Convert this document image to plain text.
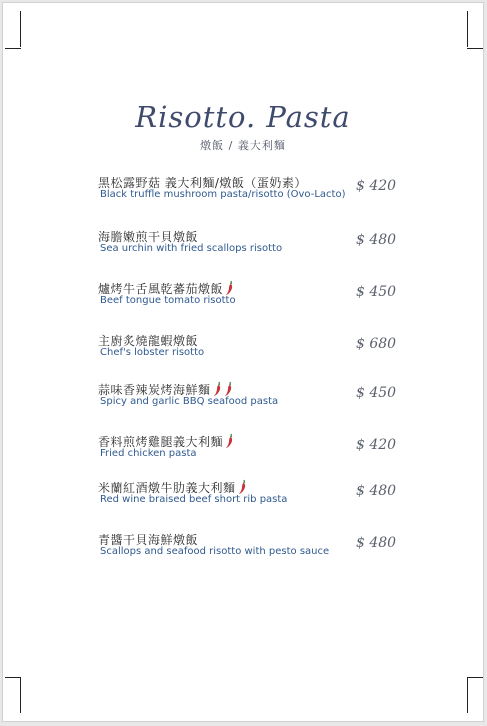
Risotto. Pasta
燉飯 / 義大利麵
黑松露野菇 義大利麵/燉飯（蛋奶素）
Black truffle mushroom pasta/risotto (Ovo-Lacto)
$ 420
海膽嫩煎干貝燉飯
Sea urchin with fried scallops risotto
$ 480
爐烤牛舌風乾蕃茄燉飯
Beef tongue tomato risotto
$ 450
主廚炙燒龍蝦燉飯
Chef's lobster risotto
$ 680
蒜味香辣炭烤海鮮麵
Spicy and garlic BBQ seafood pasta
$ 450
香料煎烤雞腿義大利麵
Fried chicken pasta
$ 420
米蘭紅酒燉牛肋義大利麵
Red wine braised beef short rib pasta
$ 480
青醬干貝海鮮燉飯
Scallops and seafood risotto with pesto sauce
$ 480
